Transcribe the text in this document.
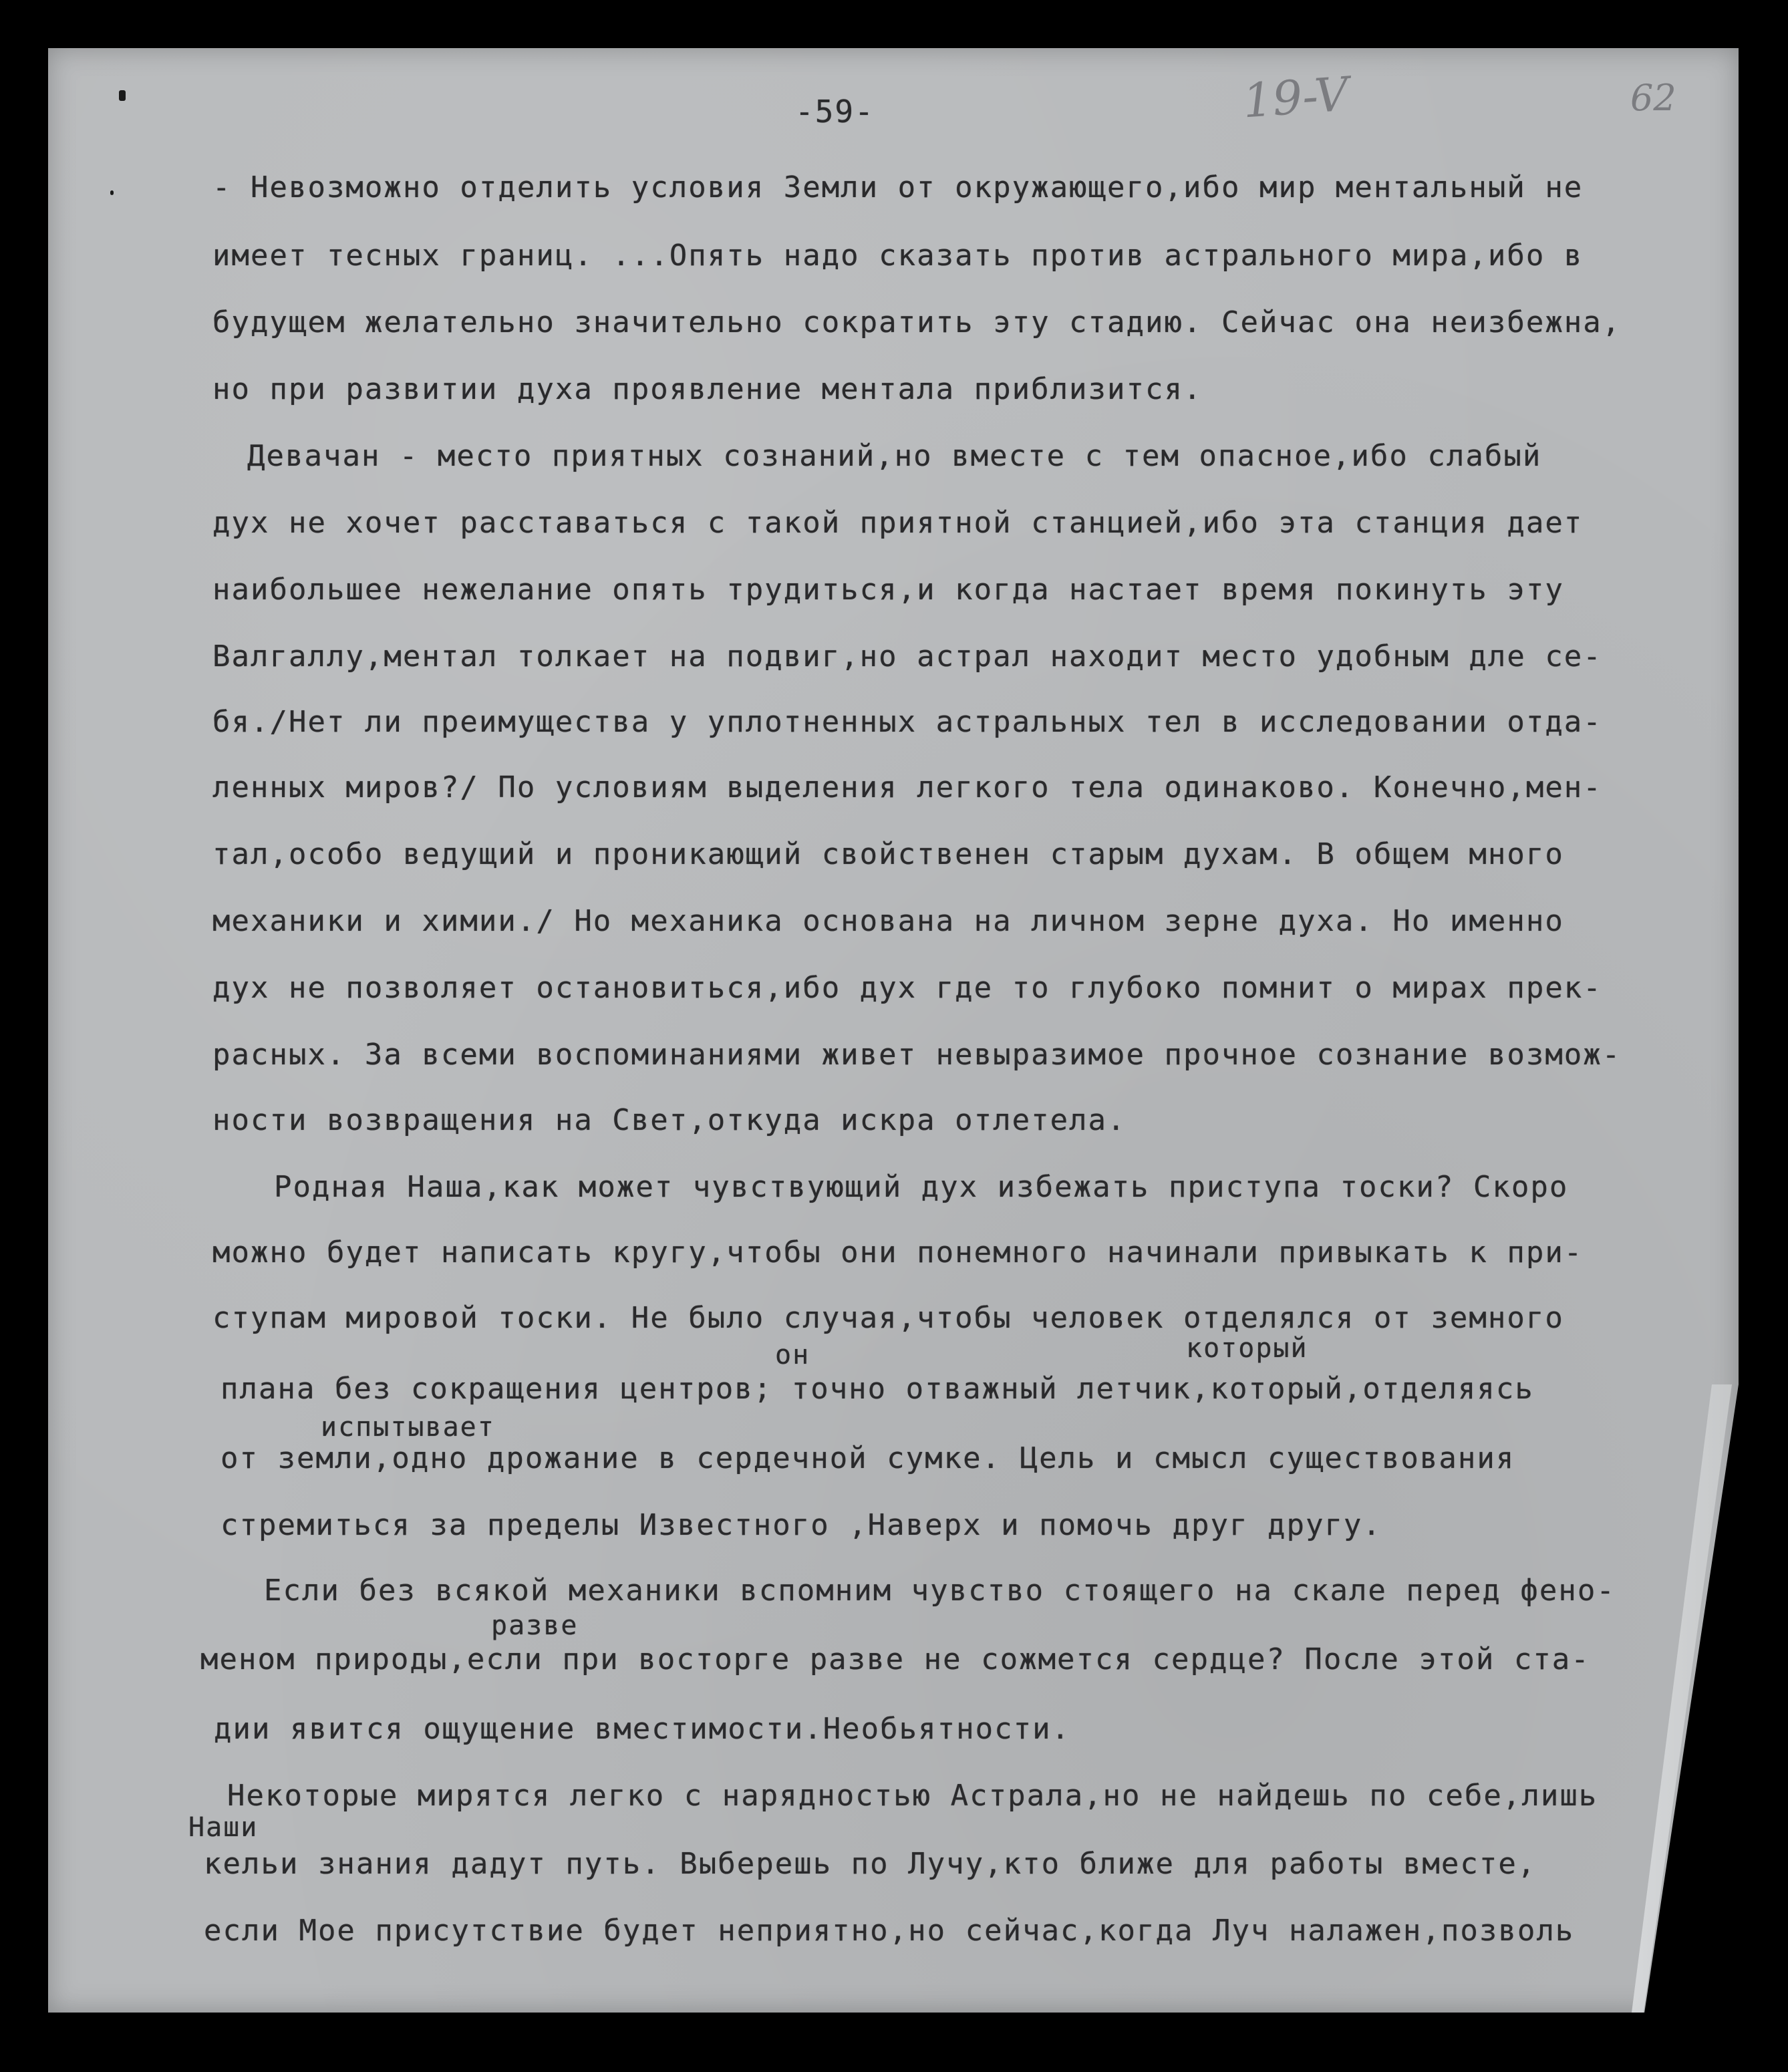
-59-	19-V	62
- Невозможно отделить условия Земли от окружающего,ибо мир ментальный не
имеет тесных границ. ...Опять надо сказать против астрального мира,ибо в
будущем желательно значительно сократить эту стадию. Сейчас она неизбежна,
но при развитии духа проявление ментала приблизится.
Девачан - место приятных сознаний,но вместе с тем опасное,ибо слабый
дух не хочет расставаться с такой приятной станцией,ибо эта станция дает
наибольшее нежелание опять трудиться,и когда настает время покинуть эту
Валгаллу,ментал толкает на подвиг,но астрал находит место удобным дле се-
бя./Нет ли преимущества у уплотненных астральных тел в исследовании отда-
ленных миров?/ По условиям выделения легкого тела одинаково. Конечно,мен-
тал,особо ведущий и проникающий свойственен старым духам. В общем много
механики и химии./ Но механика основана на личном зерне духа. Но именно
дух не позволяет остановиться,ибо дух где то глубоко помнит о мирах прек-
расных. За всеми воспоминаниями живет невыразимое прочное сознание возмож-
ности возвращения на Свет,откуда искра отлетела.
Родная Наша,как может чувствующий дух избежать приступа тоски? Скоро
можно будет написать кругу,чтобы они понемного начинали привыкать к при-
ступам мировой тоски. Не было случая,чтобы человек отделялся от земного
он	который
плана без сокращения центров; точно отважный летчик,который,отделяясь
испытывает
от земли,одно дрожание в сердечной сумке. Цель и смысл существования
стремиться за пределы Известного ,Наверх и помочь друг другу.
Если без всякой механики вспомним чувство стоящего на скале перед фено-
разве
меном природы,если при восторге разве не сожмется сердце? После этой ста-
дии явится ощущение вместимости.Необьятности.
Некоторые мирятся легко с нарядностью Астрала,но не найдешь по себе,лишь
Наши
кельи знания дадут путь. Выберешь по Лучу,кто ближе для работы вместе,
если Мое присутствие будет неприятно,но сейчас,когда Луч налажен,позволь
